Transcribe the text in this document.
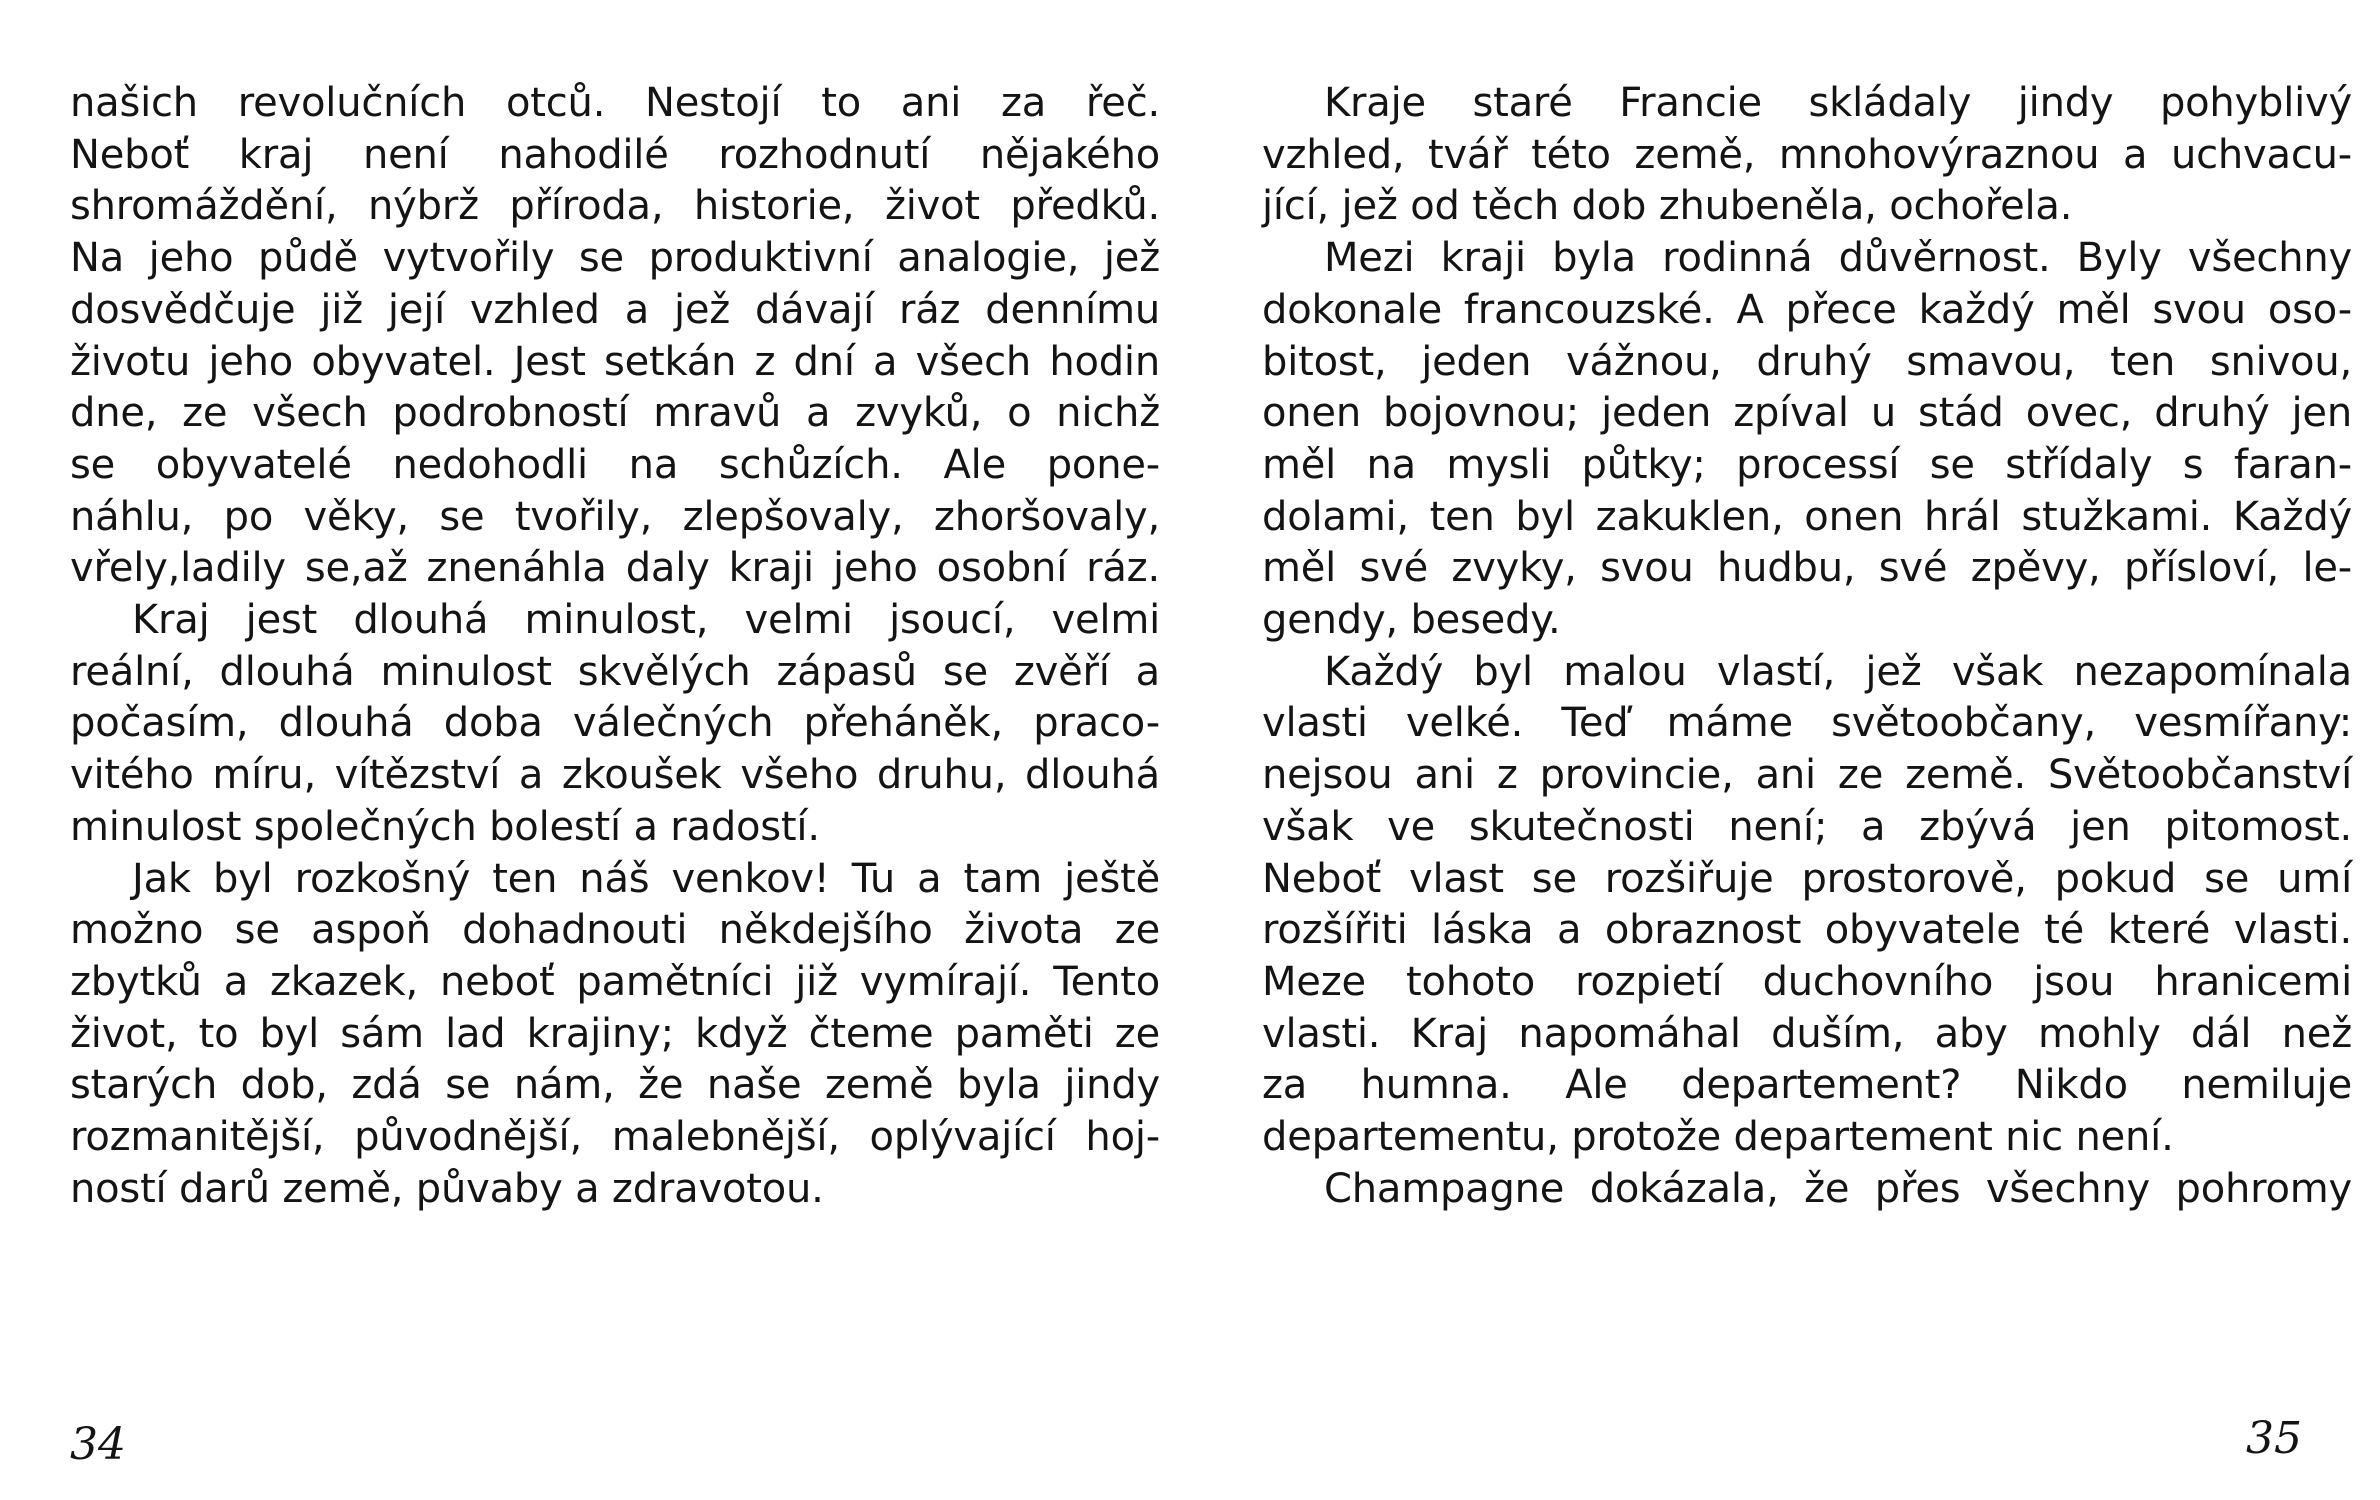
našich revolučních otců. Nestojí to ani za řeč.
Neboť kraj není nahodilé rozhodnutí nějakého
shromáždění, nýbrž příroda, historie, život předků.
Na jeho půdě vytvořily se produktivní analogie, jež
dosvědčuje již její vzhled a jež dávají ráz dennímu
životu jeho obyvatel. Jest setkán z dní a všech hodin
dne, ze všech podrobností mravů a zvyků, o nichž
se obyvatelé nedohodli na schůzích. Ale pone-
náhlu, po věky, se tvořily, zlepšovaly, zhoršovaly,
vřely,ladily se,až znenáhla daly kraji jeho osobní ráz.
Kraj jest dlouhá minulost, velmi jsoucí, velmi
reální, dlouhá minulost skvělých zápasů se zvěří a
počasím, dlouhá doba válečných přeháněk, praco-
vitého míru, vítězství a zkoušek všeho druhu, dlouhá
minulost společných bolestí a radostí.
Jak byl rozkošný ten náš venkov! Tu a tam ještě
možno se aspoň dohadnouti někdejšího života ze
zbytků a zkazek, neboť pamětníci již vymírají. Tento
život, to byl sám lad krajiny; když čteme paměti ze
starých dob, zdá se nám, že naše země byla jindy
rozmanitější, původnější, malebnější, oplývající hoj-
ností darů země, půvaby a zdravotou.
34
Kraje staré Francie skládaly jindy pohyblivý
vzhled, tvář této země, mnohovýraznou a uchvacu-
jící, jež od těch dob zhubeněla, ochořela.
Mezi kraji byla rodinná důvěrnost. Byly všechny
dokonale francouzské. A přece každý měl svou oso-
bitost, jeden vážnou, druhý smavou, ten snivou,
onen bojovnou; jeden zpíval u stád ovec, druhý jen
měl na mysli půtky; processí se střídaly s faran-
dolami, ten byl zakuklen, onen hrál stužkami. Každý
měl své zvyky, svou hudbu, své zpěvy, přísloví, le-
gendy, besedy.
Každý byl malou vlastí, jež však nezapomínala
vlasti velké. Teď máme světoobčany, vesmířany:
nejsou ani z provincie, ani ze země. Světoobčanství
však ve skutečnosti není; a zbývá jen pitomost.
Neboť vlast se rozšiřuje prostorově, pokud se umí
rozšířiti láska a obraznost obyvatele té které vlasti.
Meze tohoto rozpietí duchovního jsou hranicemi
vlasti. Kraj napomáhal duším, aby mohly dál než
za humna. Ale departement? Nikdo nemiluje
departementu, protože departement nic není.
Champagne dokázala, že přes všechny pohromy
35
